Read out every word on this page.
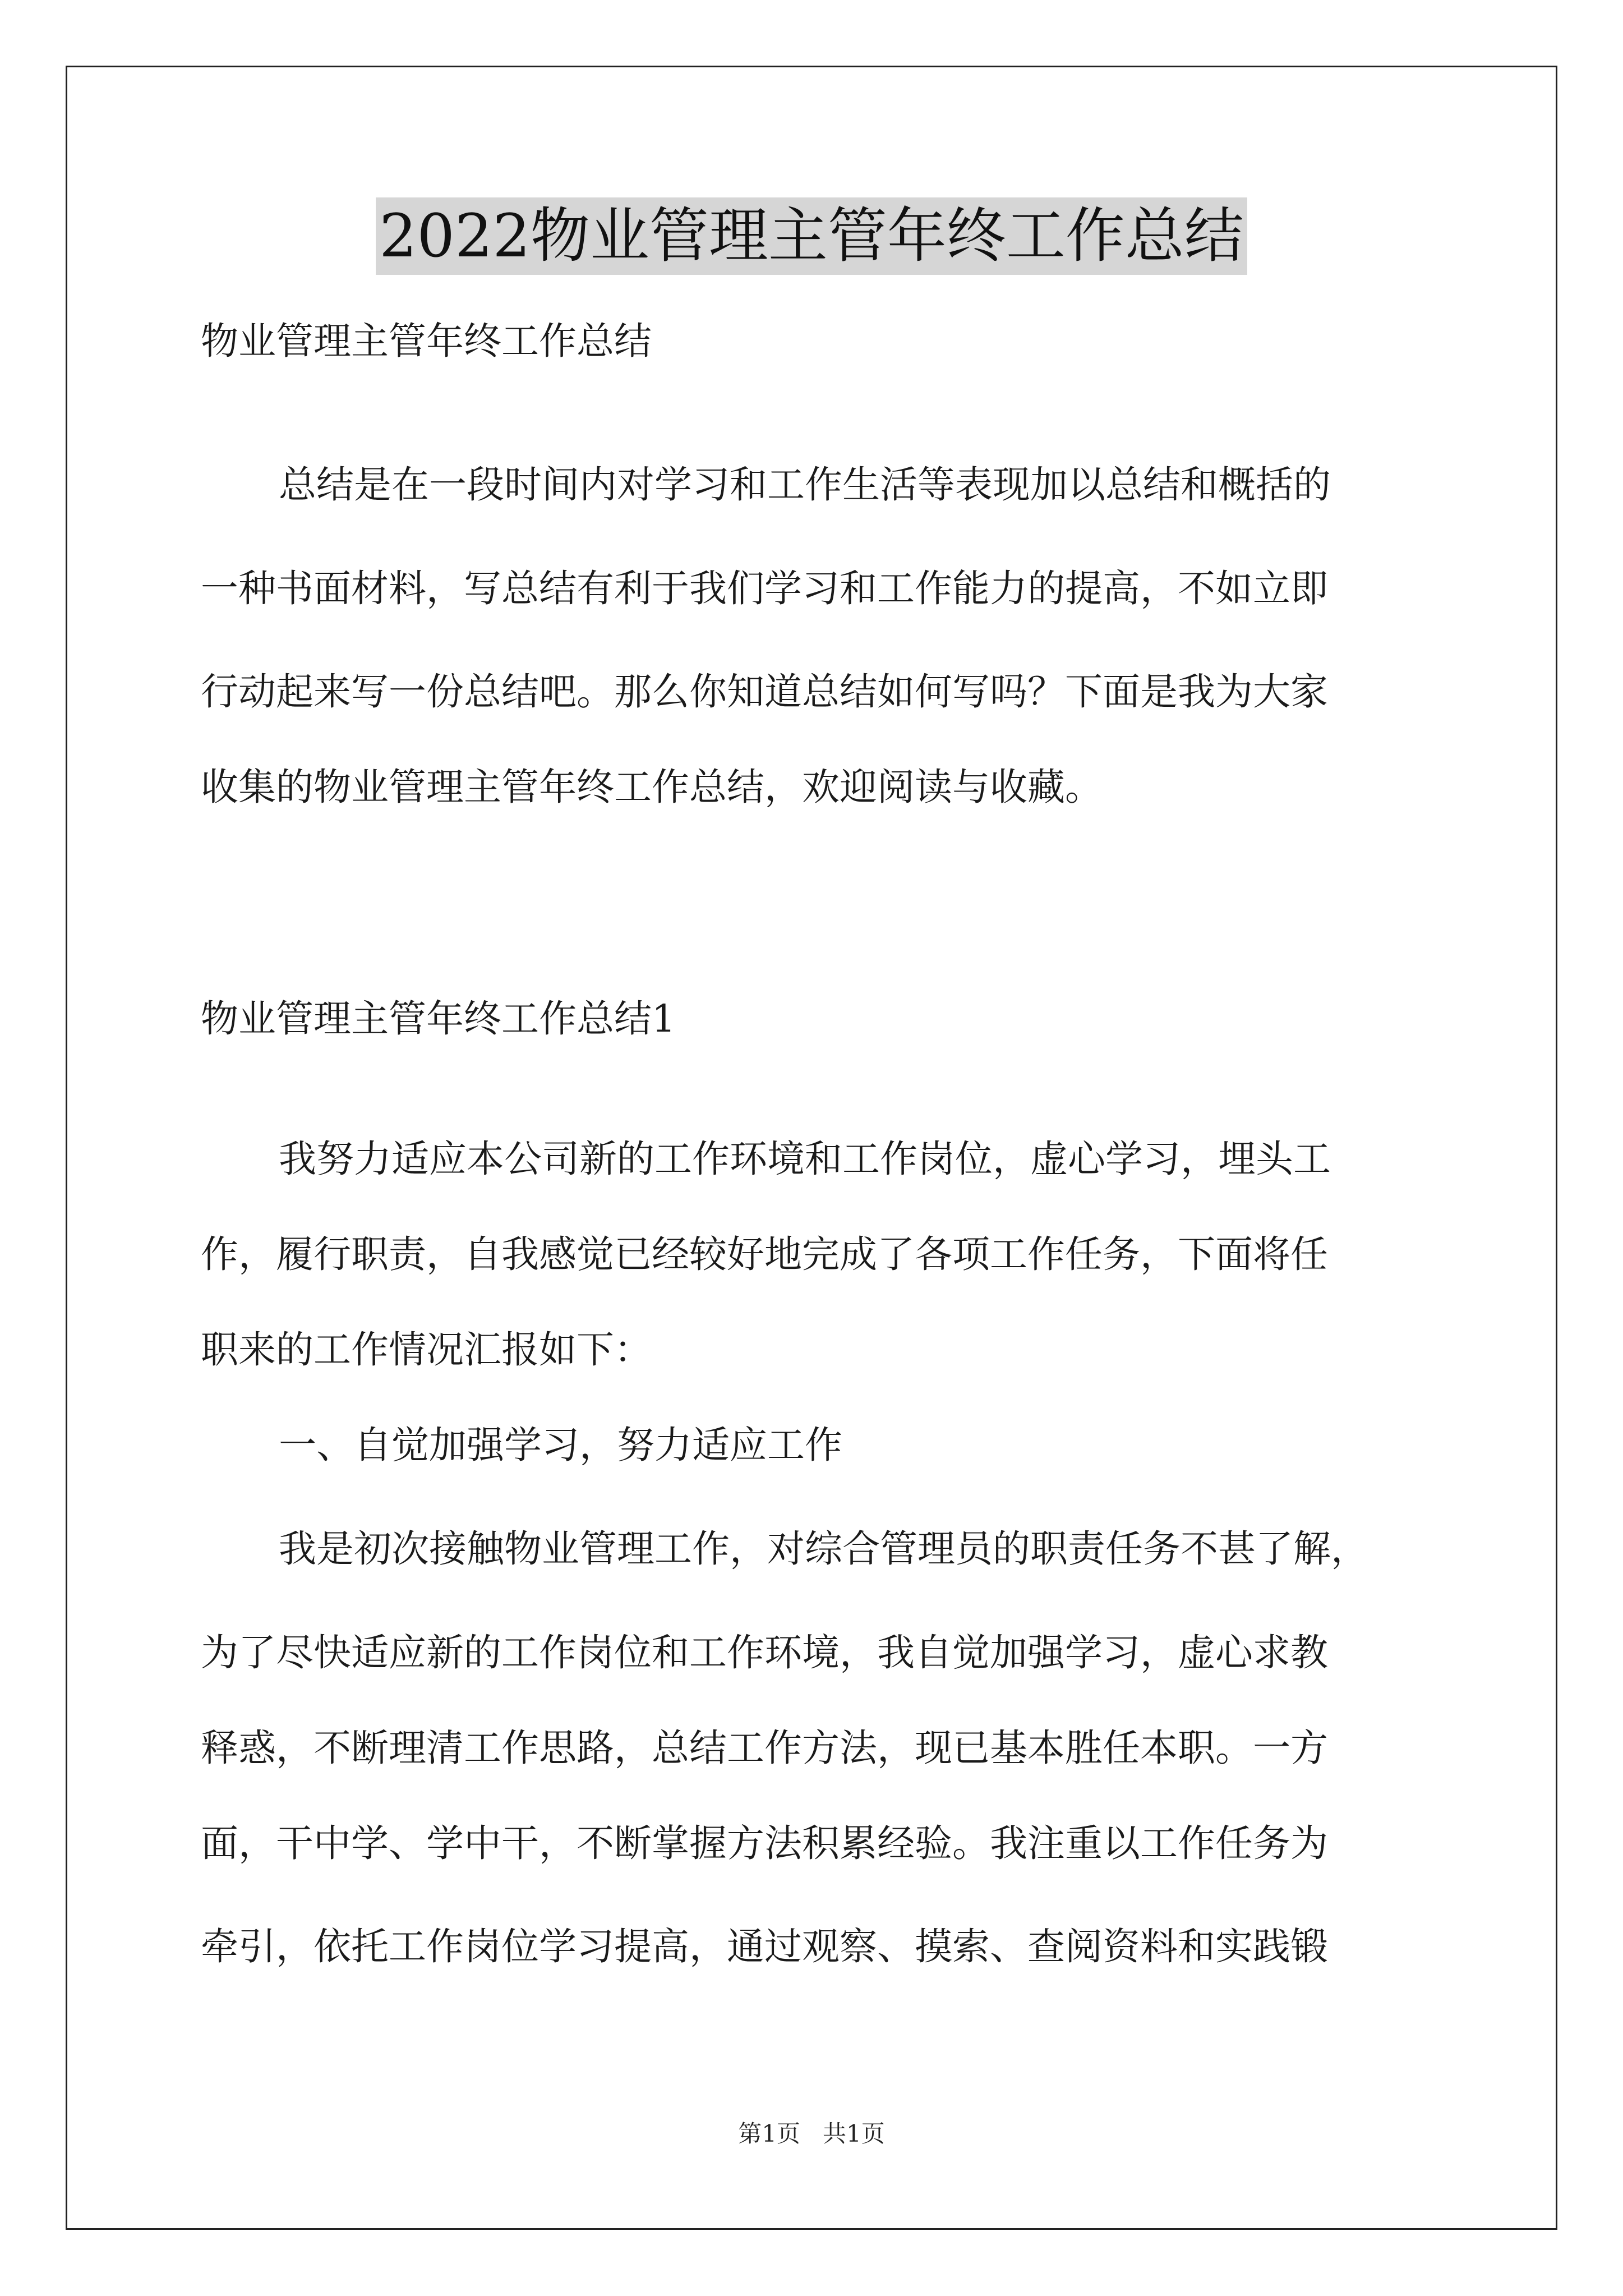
2022物业管理主管年终工作总结
物业管理主管年终工作总结
总结是在一段时间内对学习和工作生活等表现加以总结和概括的
一种书面材料，写总结有利于我们学习和工作能力的提高，不如立即
行动起来写一份总结吧。那么你知道总结如何写吗？下面是我为大家
收集的物业管理主管年终工作总结，欢迎阅读与收藏。
物业管理主管年终工作总结1
我努力适应本公司新的工作环境和工作岗位，虚心学习，埋头工
作，履行职责，自我感觉已经较好地完成了各项工作任务，下面将任
职来的工作情况汇报如下：
一、自觉加强学习，努力适应工作
我是初次接触物业管理工作，对综合管理员的职责任务不甚了解，
为了尽快适应新的工作岗位和工作环境，我自觉加强学习，虚心求教
释惑，不断理清工作思路，总结工作方法，现已基本胜任本职。一方
面，干中学、学中干，不断掌握方法积累经验。我注重以工作任务为
牵引，依托工作岗位学习提高，通过观察、摸索、查阅资料和实践锻
第1页 共1页
